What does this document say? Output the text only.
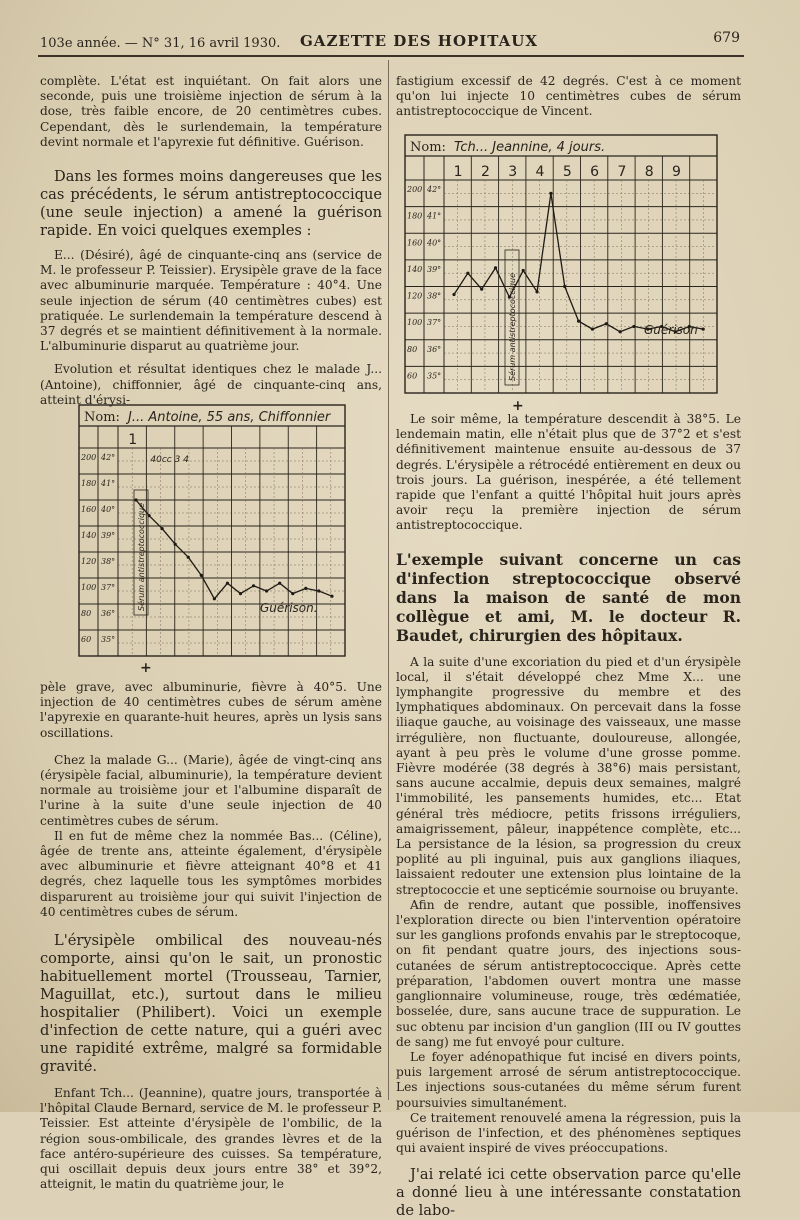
103e année. — N° 31, 16 avril 1930. GAZETTE DES HOPITAUX	679

complète. L'état est inquiétant. On fait alors une seconde, puis une troisième injection de sérum à la dose, très faible encore, de 20 centimètres cubes. Cependant, dès le surlendemain, la température devint normale et l'apyrexie fut définitive. Guérison.

Dans les formes moins dangereuses que les cas précédents, le sérum antistreptococcique (une seule injection) a amené la guérison rapide. En voici quelques exemples :

E... (Désiré), âgé de cinquante-cinq ans (service de M. le professeur P. Teissier). Erysipèle grave de la face avec albuminurie marquée. Température : 40°4. Une seule injection de sérum (40 centimètres cubes) est pratiquée. Le surlendemain la température descend à 37 degrés et se maintient définitivement à la normale. L'albuminurie disparut au quatrième jour.

Evolution et résultat identiques chez le malade J... (Antoine), chiffonnier, âgé de cinquante-cinq ans, atteint d'érysi-

Nom: J... Antoine, 55 ans, Chiffonnier
200
180
160
140
120
100
80
60
42°
41°
40°
39°
38°
37°
36°
35°
1
Sérum antistreptococcique	Guérison.
40cc 3 4
+

pèle grave, avec albuminurie, fièvre à 40°5. Une injection de 40 centimètres cubes de sérum amène l'apyrexie en quarante-huit heures, après un lysis sans oscillations.

Chez la malade G... (Marie), âgée de vingt-cinq ans (érysipèle facial, albuminurie), la température devient normale au troisième jour et l'albumine disparaît de l'urine à la suite d'une seule injection de 40 centimètres cubes de sérum.

Il en fut de même chez la nommée Bas... (Céline), âgée de trente ans, atteinte également, d'érysipèle avec albuminurie et fièvre atteignant 40°8 et 41 degrés, chez laquelle tous les symptômes morbides disparurent au troisième jour qui suivit l'injection de 40 centimètres cubes de sérum.

L'érysipèle ombilical des nouveau-nés comporte, ainsi qu'on le sait, un pronostic habituellement mortel (Trousseau, Tarnier, Maguillat, etc.), surtout dans le milieu hospitalier (Philibert). Voici un exemple d'infection de cette nature, qui a guéri avec une rapidité extrême, malgré sa formidable gravité.

Enfant Tch... (Jeannine), quatre jours, transportée à l'hôpital Claude Bernard, service de M. le professeur P. Teissier. Est atteinte d'érysipèle de l'ombilic, de la région sous-ombilicale, des grandes lèvres et de la face antéro-supérieure des cuisses. Sa température, qui oscillait depuis deux jours entre 38° et 39°2, atteignit, le matin du quatrième jour, le

fastigium excessif de 42 degrés. C'est à ce moment qu'on lui injecte 10 centimètres cubes de sérum antistreptococcique de Vincent.

Nom: Tch... Jeannine, 4 jours.
200
180
160
140
120
100
80
60
42°
41°
40°
39°
38°
37°
36°
35°
1 2 3 4 5 6 7 8 9
Sérum antistreptococcique	Guérison
+

Le soir même, la température descendit à 38°5. Le lendemain matin, elle n'était plus que de 37°2 et s'est définitivement maintenue ensuite au-dessous de 37 degrés. L'érysipèle a rétrocédé entièrement en deux ou trois jours. La guérison, inespérée, a été tellement rapide que l'enfant a quitté l'hôpital huit jours après avoir reçu la première injection de sérum antistreptococcique.

L'exemple suivant concerne un cas d'infection streptococcique observé dans la maison de santé de mon collègue et ami, M. le docteur R. Baudet, chirurgien des hôpitaux.

A la suite d'une excoriation du pied et d'un érysipèle local, il s'était développé chez Mme X... une lymphangite progressive du membre et des lymphatiques abdominaux. On percevait dans la fosse iliaque gauche, au voisinage des vaisseaux, une masse irrégulière, non fluctuante, douloureuse, allongée, ayant à peu près le volume d'une grosse pomme. Fièvre modérée (38 degrés à 38°6) mais persistant, sans aucune accalmie, depuis deux semaines, malgré l'immobilité, les pansements humides, etc... Etat général très médiocre, petits frissons irréguliers, amaigrissement, pâleur, inappétence complète, etc... La persistance de la lésion, sa progression du creux poplité au pli inguinal, puis aux ganglions iliaques, laissaient redouter une extension plus lointaine de la streptococcie et une septicémie sournoise ou bruyante.

Afin de rendre, autant que possible, inoffensives l'exploration directe ou bien l'intervention opératoire sur les ganglions profonds envahis par le streptocoque, on fit pendant quatre jours, des injections sous-cutanées de sérum antistreptococcique. Après cette préparation, l'abdomen ouvert montra une masse ganglionnaire volumineuse, rouge, très œdématiée, bosselée, dure, sans aucune trace de suppuration. Le suc obtenu par incision d'un ganglion (III ou IV gouttes de sang) me fut envoyé pour culture.

Le foyer adénopathique fut incisé en divers points, puis largement arrosé de sérum antistreptococcique. Les injections sous-cutanées du même sérum furent poursuivies simultanément.

Ce traitement renouvelé amena la régression, puis la guérison de l'infection, et des phénomènes septiques qui avaient inspiré de vives préoccupations.

J'ai relaté ici cette observation parce qu'elle a donné lieu à une intéressante constatation de labo-
